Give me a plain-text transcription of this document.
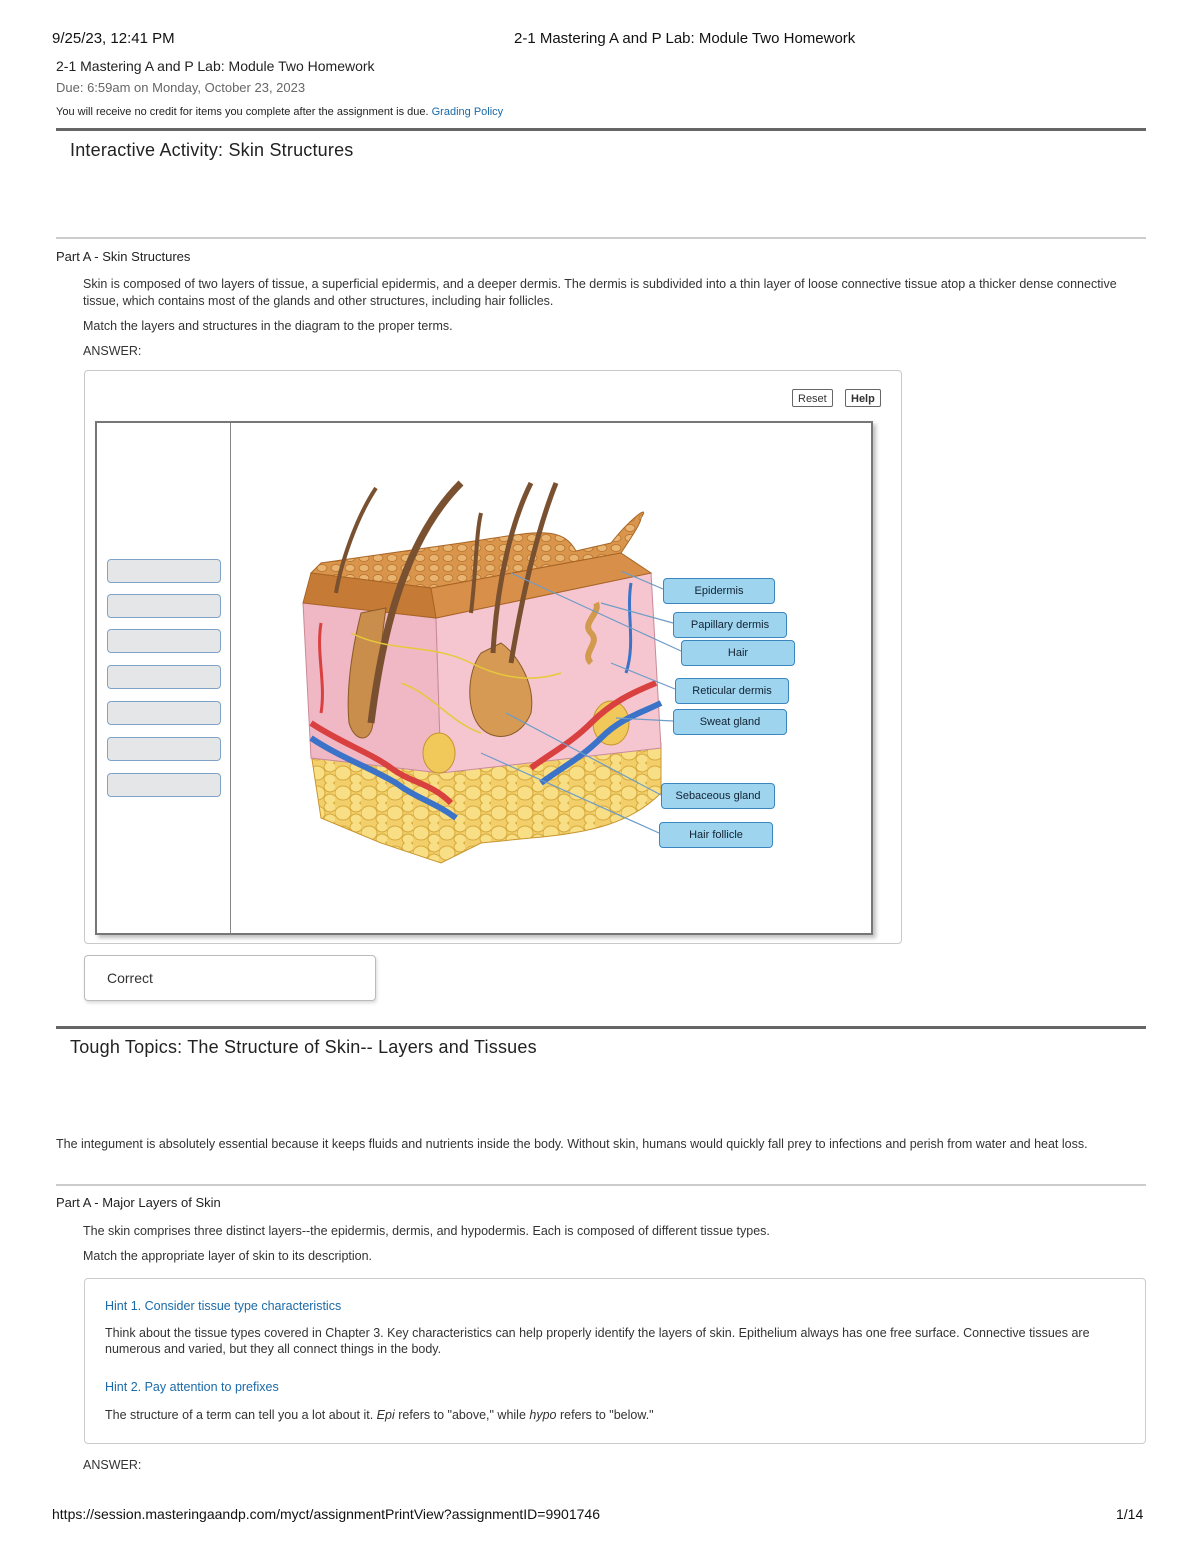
9/25/23, 12:41 PM	2-1 Mastering A and P Lab: Module Two Homework
2-1 Mastering A and P Lab: Module Two Homework
Due: 6:59am on Monday, October 23, 2023
You will receive no credit for items you complete after the assignment is due. Grading Policy
Interactive Activity: Skin Structures
Part A - Skin Structures
Skin is composed of two layers of tissue, a superficial epidermis, and a deeper dermis. The dermis is subdivided into a thin layer of loose connective tissue atop a thicker dense connective tissue, which contains most of the glands and other structures, including hair follicles.
Match the layers and structures in the diagram to the proper terms.
ANSWER:
Reset	Help
Epidermis
Papillary dermis
Hair
Reticular dermis
Sweat gland
Sebaceous gland
Hair follicle
Correct
Tough Topics: The Structure of Skin-- Layers and Tissues
The integument is absolutely essential because it keeps fluids and nutrients inside the body. Without skin, humans would quickly fall prey to infections and perish from water and heat loss.
Part A - Major Layers of Skin
The skin comprises three distinct layers--the epidermis, dermis, and hypodermis. Each is composed of different tissue types.
Match the appropriate layer of skin to its description.
Hint 1. Consider tissue type characteristics
Think about the tissue types covered in Chapter 3. Key characteristics can help properly identify the layers of skin. Epithelium always has one free surface. Connective tissues are numerous and varied, but they all connect things in the body.
Hint 2. Pay attention to prefixes
The structure of a term can tell you a lot about it. Epi refers to "above," while hypo refers to "below."
ANSWER:
https://session.masteringaandp.com/myct/assignmentPrintView?assignmentID=9901746	1/14
